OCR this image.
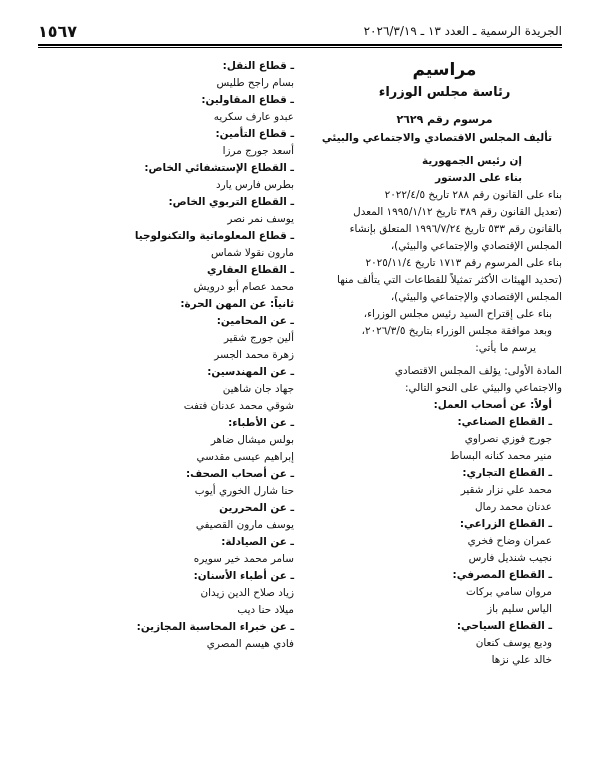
الجريدة الرسمية ـ العدد ١٣ ـ ٢٠٢٦/٣/١٩
١٥٦٧
مراسيم
رئاسة مجلس الوزراء
مرسوم رقم ٢٦٢٩
تأليف المجلس الاقتصادي والاجتماعي والبيئي
إن رئيس الجمهورية
بناء على الدستور
بناء على القانون رقم ٢٨٨ تاريخ ٢٠٢٢/٤/٥
(تعديل القانون رقم ٣٨٩ تاريخ ١٩٩٥/١/١٢ المعدل
بالقانون رقم ٥٣٣ تاريخ ١٩٩٦/٧/٢٤ المتعلق بإنشاء
المجلس الإقتصادي والإجتماعي والبيئي)،
بناء على المرسوم رقم ١٧١٣ تاريخ ٢٠٢٥/١١/٤
(تحديد الهيئات الأكثر تمثيلاً للقطاعات التي يتألف منها
المجلس الإقتصادي والإجتماعي والبيئي)،
بناء على إقتراح السيد رئيس مجلس الوزراء،
وبعد موافقة مجلس الوزراء بتاريخ ٢٠٢٦/٣/٥،
يرسم ما يأتي:
المادة الأولى: يؤلف المجلس الاقتصادي
والاجتماعي والبيئي على النحو التالي:
أولاً: عن أصحاب العمل:
ـ القطاع الصناعي:
جورج فوزي نصراوي
منير محمد كنانه البساط
ـ القطاع التجاري:
محمد علي نزار شقير
عدنان محمد رمال
ـ القطاع الزراعي:
عمران وضاح فخري
نجيب شنديل فارس
ـ القطاع المصرفي:
مروان سامي بركات
الياس سليم باز
ـ القطاع السياحي:
وديع يوسف كنعان
خالد علي نزها
ـ قطاع النقل:
بسام راجح طليس
ـ قطاع المقاولين:
عبدو عارف سكريه
ـ قطاع التأمين:
أسعد جورج مرزا
ـ القطاع الإستشفائي الخاص:
بطرس فارس يارد
ـ القطاع التربوي الخاص:
يوسف نمر نصر
ـ قطاع المعلوماتية والتكنولوجيا
مارون نقولا شماس
ـ القطاع العقاري
محمد عصام أبو درويش
ثانياً: عن المهن الحرة:
ـ عن المحامين:
ألين جورج شقير
زهرة محمد الجسر
ـ عن المهندسين:
جهاد جان شاهين
شوقي محمد عدنان فتفت
ـ عن الأطباء:
بولس ميشال ضاهر
إبراهيم عيسى مقدسي
ـ عن أصحاب الصحف:
حنا شارل الخوري أيوب
ـ عن المحررين
يوسف مارون القصيفي
ـ عن الصيادلة:
سامر محمد خير سويره
ـ عن أطباء الأسنان:
زياد صلاح الدين زيدان
ميلاد حنا ديب
ـ عن خبراء المحاسبة المجازين:
فادي هيسم المصري
